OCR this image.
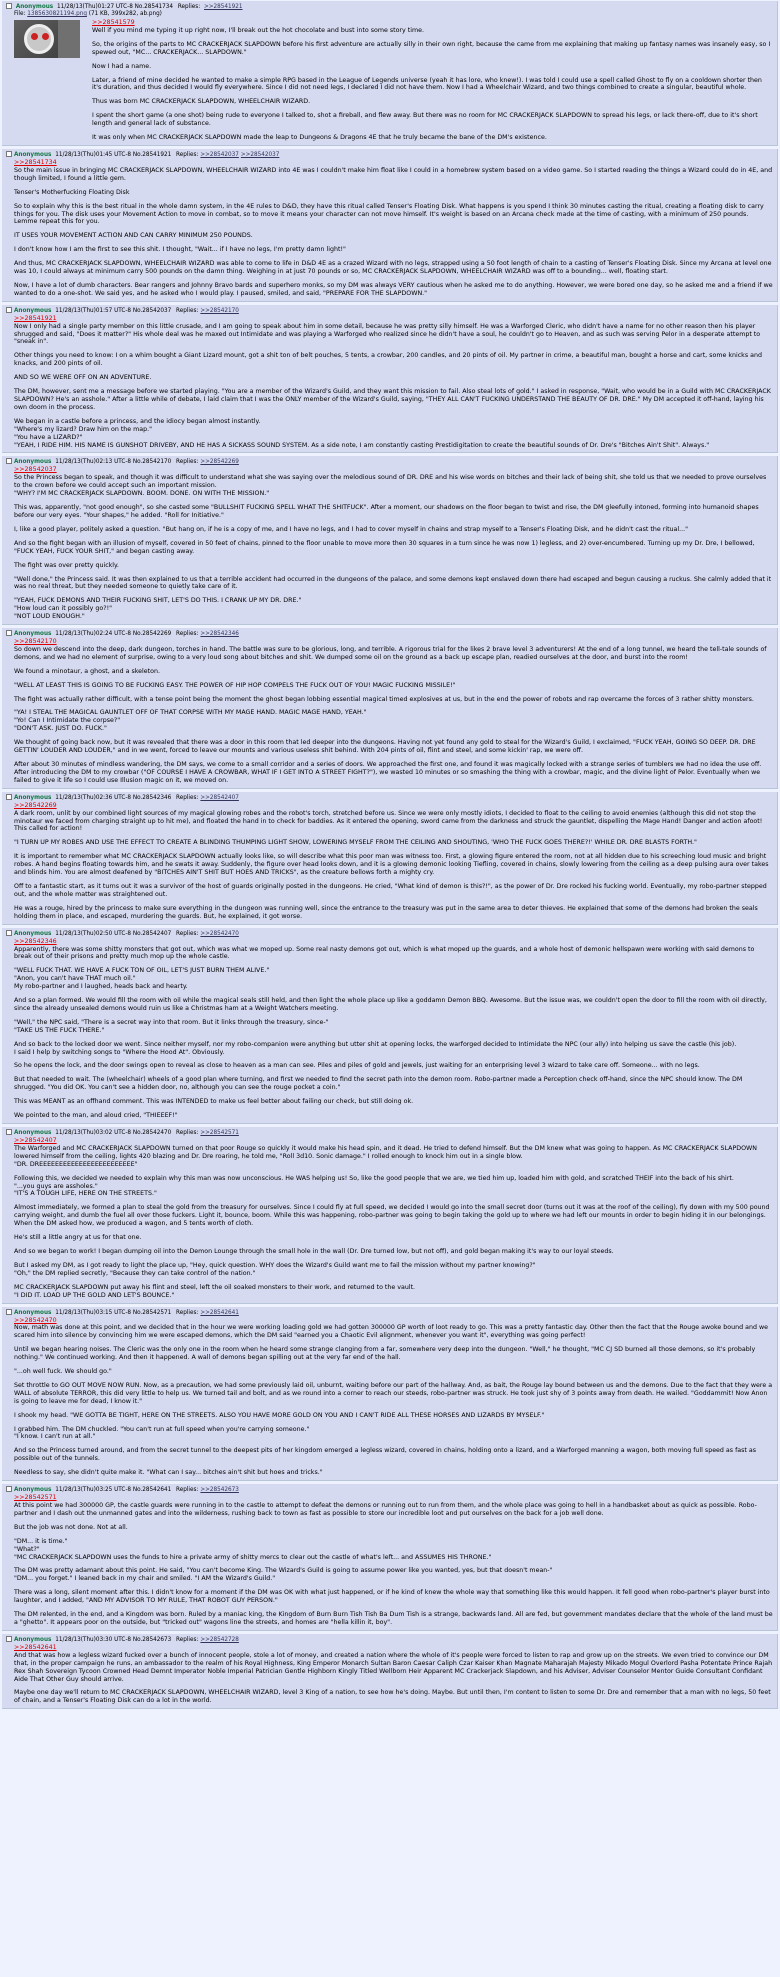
Anonymous 11/28/13(Thu)01:27 UTC-8 No.28541734 Replies: >>28541921
File: 1385630821194.png (71 KB, 399x282, ab.png)

>>28541579
Well if you mind me typing it up right now, I'll break out the hot chocolate and bust into some story time.

So, the origins of the parts to MC CRACKERJACK SLAPDOWN before his first adventure are actually silly in their own right, because the came from me explaining that making up fantasy names was insanely easy, so I spewed out, "MC... CRACKERJACK... SLAPDOWN."

Now I had a name.

Later, a friend of mine decided he wanted to make a simple RPG based in the League of Legends universe (yeah it has lore, who knew!). I was told I could use a spell called Ghost to fly on a cooldown shorter then it's duration, and thus decided I would fly everywhere. Since I did not need legs, I declared I did not have them. Now I had a Wheelchair Wizard, and two things combined to create a singular, beautiful whole.

Thus was born MC CRACKERJACK SLAPDOWN, WHEELCHAIR WIZARD.

I spent the short game (a one shot) being rude to everyone I talked to, shot a fireball, and flew away. But there was no room for MC CRACKERJACK SLAPDOWN to spread his legs, or lack there-off, due to it's short length and general lack of substance.

It was only when MC CRACKERJACK SLAPDOWN made the leap to Dungeons & Dragons 4E that he truly became the bane of the DM's existence.

Anonymous 11/28/13(Thu)01:45 UTC-8 No.28541921 Replies: >>28542037 >>28542037

>>28541734
So the main issue in bringing MC CRACKERJACK SLAPDOWN, WHEELCHAIR WIZARD into 4E was I couldn't make him float like I could in a homebrew system based on a video game. So I started reading the things a Wizard could do in 4E, and though limited, I found a little gem.

Tenser's Motherfucking Floating Disk

So to explain why this is the best ritual in the whole damn system, in the 4E rules to D&D, they have this ritual called Tenser's Floating Disk. What happens is you spend I think 30 minutes casting the ritual, creating a floating disk to carry things for you. The disk uses your Movement Action to move in combat, so to move it means your character can not move himself. It's weight is based on an Arcana check made at the time of casting, with a minimum of 250 pounds. Lemme repeat this for you.

IT USES YOUR MOVEMENT ACTION AND CAN CARRY MINIMUM 250 POUNDS.

I don't know how I am the first to see this shit. I thought, "Wait... if I have no legs, I'm pretty damn light!"

And thus, MC CRACKERJACK SLAPDOWN, WHEELCHAIR WIZARD was able to come to life in D&D 4E as a crazed Wizard with no legs, strapped using a 50 foot length of chain to a casting of Tenser's Floating Disk. Since my Arcana at level one was 10, I could always at minimum carry 500 pounds on the damn thing. Weighing in at just 70 pounds or so, MC CRACKERJACK SLAPDOWN, WHEELCHAIR WIZARD was off to a bounding... well, floating start.

Now, I have a lot of dumb characters. Bear rangers and Johnny Bravo bards and superhero monks, so my DM was always VERY cautious when he asked me to do anything. However, we were bored one day, so he asked me and a friend if we wanted to do a one-shot. We said yes, and he asked who I would play. I paused, smiled, and said, "PREPARE FOR THE SLAPDOWN."

Anonymous 11/28/13(Thu)01:57 UTC-8 No.28542037 Replies: >>28542170

>>28541921
Now I only had a single party member on this little crusade, and I am going to speak about him in some detail, because he was pretty silly himself. He was a Warforged Cleric, who didn't have a name for no other reason then his player shrugged and said, "Does it matter?" His whole deal was he maxed out Intimidate and was playing a Warforged who realized since he didn't have a soul, he couldn't go to Heaven, and as such was serving Pelor in a desperate attempt to "sneak in".

Other things you need to know: I on a whim bought a Giant Lizard mount, got a shit ton of belt pouches, 5 tents, a crowbar, 200 candles, and 20 pints of oil. My partner in crime, a beautiful man, bought a horse and cart, some knicks and knacks, and 200 pints of oil.

AND SO WE WERE OFF ON AN ADVENTURE.

The DM, however, sent me a message before we started playing. "You are a member of the Wizard's Guild, and they want this mission to fail. Also steal lots of gold." I asked in response, "Wait, who would be in a Guild with MC CRACKERJACK SLAPDOWN? He's an asshole." After a little while of debate, I laid claim that I was the ONLY member of the Wizard's Guild, saying, "THEY ALL CAN'T FUCKING UNDERSTAND THE BEAUTY OF DR. DRE." My DM accepted it off-hand, laying his own doom in the process.

We began in a castle before a princess, and the idiocy began almost instantly.
"Where's my lizard? Draw him on the map."
"You have a LIZARD?"
"YEAH, I RIDE HIM. HIS NAME IS GUNSHOT DRIVEBY, AND HE HAS A SICKASS SOUND SYSTEM. As a side note, I am constantly casting Prestidigitation to create the beautiful sounds of Dr. Dre's "Bitches Ain't Shit". Always."

Anonymous 11/28/13(Thu)02:13 UTC-8 No.28542170 Replies: >>28542269

>>28542037
So the Princess began to speak, and though it was difficult to understand what she was saying over the melodious sound of DR. DRE and his wise words on bitches and their lack of being shit, she told us that we needed to prove ourselves to the crown before we could accept such an important mission.
"WHY? I'M MC CRACKERJACK SLAPDOWN. BOOM. DONE. ON WITH THE MISSION."

This was, apparently, "not good enough", so she casted some "BULLSHIT FUCKING SPELL WHAT THE SHITFUCK". After a moment, our shadows on the floor began to twist and rise, the DM gleefully intoned, forming into humanoid shapes before our very eyes. "Your shapes," he added. "Roll for Initiative."

I, like a good player, politely asked a question. "But hang on, if he is a copy of me, and I have no legs, and I had to cover myself in chains and strap myself to a Tenser's Floating Disk, and he didn't cast the ritual..."

And so the fight began with an illusion of myself, covered in 50 feet of chains, pinned to the floor unable to move more then 30 squares in a turn since he was now 1) legless, and 2) over-encumbered. Turning up my Dr. Dre, I bellowed, "FUCK YEAH, FUCK YOUR SHIT," and began casting away.

The fight was over pretty quickly.

"Well done," the Princess said. It was then explained to us that a terrible accident had occurred in the dungeons of the palace, and some demons kept enslaved down there had escaped and begun causing a ruckus. She calmly added that it was no real threat, but they needed someone to quietly take care of it.

"YEAH, FUCK DEMONS AND THEIR FUCKING SHIT, LET'S DO THIS. I CRANK UP MY DR. DRE."
"How loud can it possibly go?!"
"NOT LOUD ENOUGH."

Anonymous 11/28/13(Thu)02:24 UTC-8 No.28542269 Replies: >>28542346

>>28542170
So down we descend into the deep, dark dungeon, torches in hand. The battle was sure to be glorious, long, and terrible. A rigorous trial for the likes 2 brave level 3 adventurers! At the end of a long tunnel, we heard the tell-tale sounds of demons, and we had no element of surprise, owing to a very loud song about bitches and shit. We dumped some oil on the ground as a back up escape plan, readied ourselves at the door, and burst into the room!

We found a minotaur, a ghost, and a skeleton.

"WELL AT LEAST THIS IS GOING TO BE FUCKING EASY. THE POWER OF HIP HOP COMPELS THE FUCK OUT OF YOU! MAGIC FUCKING MISSILE!"

The fight was actually rather difficult, with a tense point being the moment the ghost began lobbing essential magical timed explosives at us, but in the end the power of robots and rap overcame the forces of 3 rather shitty monsters.

"YA! I STEAL THE MAGICAL GAUNTLET OFF OF THAT CORPSE WITH MY MAGE HAND. MAGIC MAGE HAND, YEAH."
"Yo! Can I Intimidate the corpse?"
"DON'T ASK. JUST DO. FUCK."

We thought of going back now, but it was revealed that there was a door in this room that led deeper into the dungeons. Having not yet found any gold to steal for the Wizard's Guild, I exclaimed, "FUCK YEAH, GOING SO DEEP. DR. DRE GETTIN' LOUDER AND LOUDER," and in we went, forced to leave our mounts and various useless shit behind. With 204 pints of oil, flint and steel, and some kickin' rap, we were off.

After about 30 minutes of mindless wandering, the DM says, we come to a small corridor and a series of doors. We approached the first one, and found it was magically locked with a strange series of tumblers we had no idea the use off. After introducing the DM to my crowbar ("OF COURSE I HAVE A CROWBAR, WHAT IF I GET INTO A STREET FIGHT?"), we wasted 10 minutes or so smashing the thing with a crowbar, magic, and the divine light of Pelor. Eventually when we failed to give it life so I could use Illusion magic on it, we moved on.

Anonymous 11/28/13(Thu)02:36 UTC-8 No.28542346 Replies: >>28542407

>>28542269
A dark room, unlit by our combined light sources of my magical glowing robes and the robot's torch, stretched before us. Since we were only mostly idiots, I decided to float to the ceiling to avoid enemies (although this did not stop the minotaur we faced from charging straight up to hit me), and floated the hand in to check for baddies. As it entered the opening, sword came from the darkness and struck the gauntlet, dispelling the Mage Hand! Danger and action afoot! This called for action!

"I TURN UP MY ROBES AND USE THE EFFECT TO CREATE A BLINDING THUMPING LIGHT SHOW, LOWERING MYSELF FROM THE CEILING AND SHOUTING, 'WHO THE FUCK GOES THERE?!' WHILE DR. DRE BLASTS FORTH."

It is important to remember what MC CRACKERJACK SLAPDOWN actually looks like, so will describe what this poor man was witness too. First, a glowing figure entered the room, not at all hidden due to his screeching loud music and bright robes. A hand begins floating towards him, and he swats it away. Suddenly, the figure over head looks down, and it is a glowing demonic looking Tiefling, covered in chains, slowly lowering from the ceiling as a deep pulsing aura over takes and blinds him. You are almost deafened by "BITCHES AIN'T SHIT BUT HOES AND TRICKS", as the creature bellows forth a mighty cry.

Off to a fantastic start, as it turns out it was a survivor of the host of guards originally posted in the dungeons. He cried, "What kind of demon is this?!", as the power of Dr. Dre rocked his fucking world. Eventually, my robo-partner stepped out, and the whole matter was straightened out.

He was a rouge, hired by the princess to make sure everything in the dungeon was running well, since the entrance to the treasury was put in the same area to deter thieves. He explained that some of the demons had broken the seals holding them in place, and escaped, murdering the guards. But, he explained, it got worse.

Anonymous 11/28/13(Thu)02:50 UTC-8 No.28542407 Replies: >>28542470

>>28542346
Apparently, there was some shitty monsters that got out, which was what we moped up. Some real nasty demons got out, which is what moped up the guards, and a whole host of demonic hellspawn were working with said demons to break out of their prisons and pretty much mop up the whole castle.

"WELL FUCK THAT. WE HAVE A FUCK TON OF OIL, LET'S JUST BURN THEM ALIVE."
"Anon, you can't have THAT much oil."
My robo-partner and I laughed, heads back and hearty.

And so a plan formed. We would fill the room with oil while the magical seals still held, and then light the whole place up like a goddamn Demon BBQ. Awesome. But the issue was, we couldn't open the door to fill the room with oil directly, since the already unsealed demons would ruin us like a Christmas ham at a Weight Watchers meeting.

"Well," the NPC said, "There is a secret way into that room. But it links through the treasury, since-"
"TAKE US THE FUCK THERE."

And so back to the locked door we went. Since neither myself, nor my robo-companion were anything but utter shit at opening locks, the warforged decided to Intimidate the NPC (our ally) into helping us save the castle (his job).
I said I help by switching songs to "Where the Hood At". Obviously.

So he opens the lock, and the door swings open to reveal as close to heaven as a man can see. Piles and piles of gold and jewels, just waiting for an enterprising level 3 wizard to take care off. Someone... with no legs.

But that needed to wait. The (wheelchair) wheels of a good plan where turning, and first we needed to find the secret path into the demon room. Robo-partner made a Perception check off-hand, since the NPC should know. The DM shrugged. "You did OK. You can't see a hidden door, no, although you can see the rouge pocket a coin."

This was MEANT as an offhand comment. This was INTENDED to make us feel better about failing our check, but still doing ok.

We pointed to the man, and aloud cried, "THIEEEF!"

Anonymous 11/28/13(Thu)03:02 UTC-8 No.28542470 Replies: >>28542571

>>28542407
The Warforged and MC CRACKERJACK SLAPDOWN turned on that poor Rouge so quickly it would make his head spin, and it dead. He tried to defend himself. But the DM knew what was going to happen. As MC CRACKERJACK SLAPDOWN lowered himself from the ceiling, lights 420 blazing and Dr. Dre roaring, he told me, "Roll 3d10. Sonic damage." I rolled enough to knock him out in a single blow.
"DR. DREEEEEEEEEEEEEEEEEEEEEEEE"

Following this, we decided we needed to explain why this man was now unconscious. He WAS helping us! So, like the good people that we are, we tied him up, loaded him with gold, and scratched THEIF into the back of his shirt.
"...you guys are assholes."
"IT'S A TOUGH LIFE, HERE ON THE STREETS."

Almost immediately, we formed a plan to steal the gold from the treasury for ourselves. Since I could fly at full speed, we decided I would go into the small secret door (turns out it was at the roof of the ceiling), fly down with my 500 pound carrying weight, and dumb the fuel all over those fuckers. Light it, bounce, boom. While this was happening, robo-partner was going to begin taking the gold up to where we had left our mounts in order to begin hiding it in our belongings. When the DM asked how, we produced a wagon, and 5 tents worth of cloth.

He's still a little angry at us for that one.

And so we began to work! I began dumping oil into the Demon Lounge through the small hole in the wall (Dr. Dre turned low, but not off), and gold began making it's way to our loyal steeds.

But I asked my DM, as I got ready to light the place up, "Hey, quick question. WHY does the Wizard's Guild want me to fail the mission without my partner knowing?"
"Oh," the DM replied secretly, "Because they can take control of the nation."

MC CRACKERJACK SLAPDOWN put away his flint and steel, left the oil soaked monsters to their work, and returned to the vault.
"I DID IT. LOAD UP THE GOLD AND LET'S BOUNCE."

Anonymous 11/28/13(Thu)03:15 UTC-8 No.28542571 Replies: >>28542641

>>28542470
Now, math was done at this point, and we decided that in the hour we were working loading gold we had gotten 300000 GP worth of loot ready to go. This was a pretty fantastic day. Other then the fact that the Rouge awoke bound and we scared him into silence by convincing him we were escaped demons, which the DM said "earned you a Chaotic Evil alignment, whenever you want it", everything was going perfect!

Until we began hearing noises. The Cleric was the only one in the room when he heard some strange clanging from a far, somewhere very deep into the dungeon. "Well," he thought, "MC CJ SD burned all those demons, so it's probably nothing." We continued working. And then it happened. A wall of demons began spilling out at the very far end of the hall.

"...oh well fuck. We should go."

Set throttle to GO OUT MOVE NOW RUN. Now, as a precaution, we had some previously laid oil, unburnt, waiting before our part of the hallway. And, as bait, the Rouge lay bound between us and the demons. Due to the fact that they were a WALL of absolute TERROR, this did very little to help us. We turned tail and bolt, and as we round into a corner to reach our steeds, robo-partner was struck. He took just shy of 3 points away from death. He wailed. "Goddammit! Now Anon is going to leave me for dead, I know it."

I shook my head. "WE GOTTA BE TIGHT, HERE ON THE STREETS. ALSO YOU HAVE MORE GOLD ON YOU AND I CAN'T RIDE ALL THESE HORSES AND LIZARDS BY MYSELF."

I grabbed him. The DM chuckled. "You can't run at full speed when you're carrying someone."
"I know. I can't run at all."

And so the Princess turned around, and from the secret tunnel to the deepest pits of her kingdom emerged a legless wizard, covered in chains, holding onto a lizard, and a Warforged manning a wagon, both moving full speed as fast as possible out of the tunnels.

Needless to say, she didn't quite make it. "What can I say... bitches ain't shit but hoes and tricks."

Anonymous 11/28/13(Thu)03:25 UTC-8 No.28542641 Replies: >>28542673

>>28542571
At this point we had 300000 GP, the castle guards were running in to the castle to attempt to defeat the demons or running out to run from them, and the whole place was going to hell in a handbasket about as quick as possible. Robo-partner and I dash out the unmanned gates and into the wilderness, rushing back to town as fast as possible to store our incredible loot and put ourselves on the back for a job well done.

But the job was not done. Not at all.

"DM... it is time."
"What?"
"MC CRACKERJACK SLAPDOWN uses the funds to hire a private army of shitty mercs to clear out the castle of what's left... and ASSUMES HIS THRONE."

The DM was pretty adamant about this point. He said, "You can't become King. The Wizard's Guild is going to assume power like you wanted, yes, but that doesn't mean-"
"DM... you forget." I leaned back in my chair and smiled. "I AM the Wizard's Guild."

There was a long, silent moment after this. I didn't know for a moment if the DM was OK with what just happened, or if he kind of knew the whole way that something like this would happen. It fell good when robo-partner's player burst into laughter, and I added, "AND MY ADVISOR TO MY RULE, THAT ROBOT GUY PERSON."

The DM relented, in the end, and a Kingdom was born. Ruled by a maniac king, the Kingdom of Burn Burn Tish Tish Ba Dum Tish is a strange, backwards land. All are fed, but government mandates declare that the whole of the land must be a "ghetto". It appears poor on the outside, but "tricked out" wagons line the streets, and homes are "hella killin it, boy".

Anonymous 11/28/13(Thu)03:30 UTC-8 No.28542673 Replies: >>28542728

>>28542641
And that was how a legless wizard fucked over a bunch of innocent people, stole a lot of money, and created a nation where the whole of it's people were forced to listen to rap and grow up on the streets. We even tried to convince our DM that, in the proper campaign he runs, an ambassador to the realm of his Royal Highness, King Emperor Monarch Sultan Baron Caesar Caliph Czar Kaiser Khan Magnate Maharajah Majesty Mikado Mogul Overlord Pasha Potentate Prince Rajah Rex Shah Sovereign Tycoon Crowned Head Demnt Imperator Noble Imperial Patrician Gentle Highborn Kingly Titled Wellborn Heir Apparent MC Crackerjack Slapdown, and his Adviser, Adviser Counselor Mentor Guide Consultant Confidant Aide That Other Guy should arrive.

Maybe one day we'll return to MC CRACKERJACK SLAPDOWN, WHEELCHAIR WIZARD, level 3 King of a nation, to see how he's doing. Maybe. But until then, I'm content to listen to some Dr. Dre and remember that a man with no legs, 50 feet of chain, and a Tenser's Floating Disk can do a lot in the world.
